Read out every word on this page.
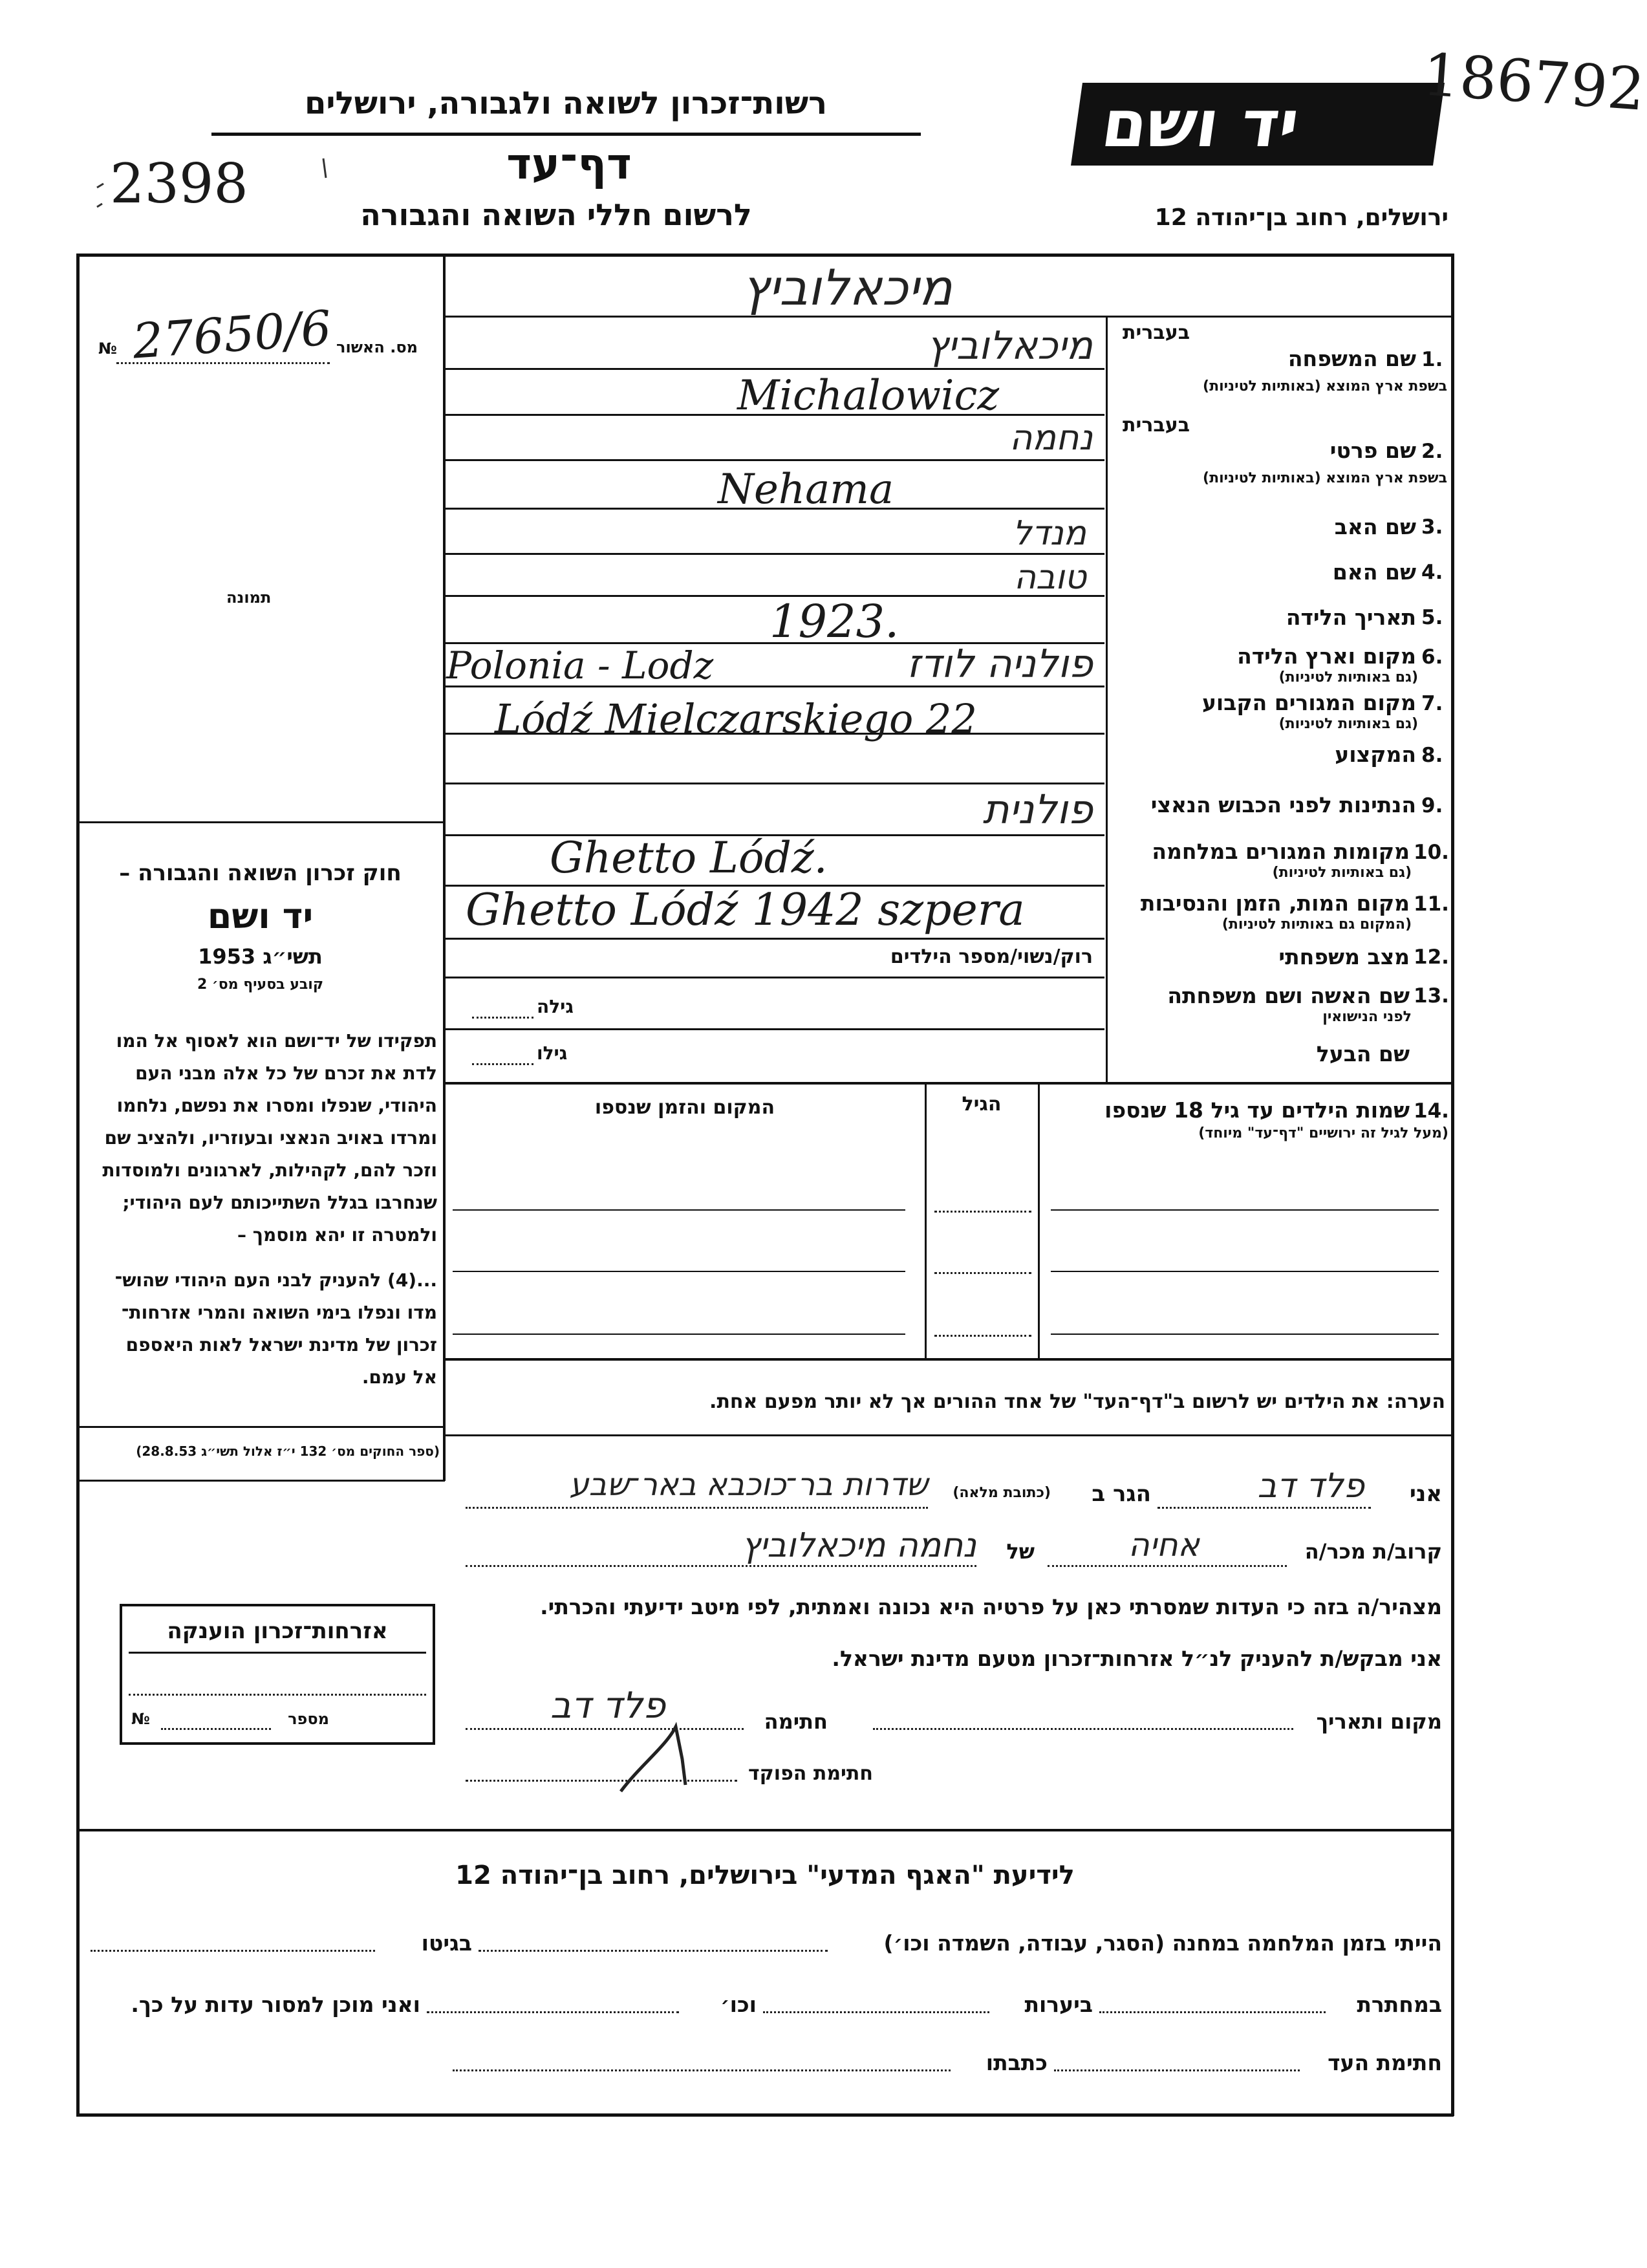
יד ושם 186792
רשות־זכרון לשואה ולגבורה, ירושלים
דף־עד
לרשום חללי השואה והגבורה	ירושלים, רחוב בן־יהודה 12
2398
מס. האשור
№ 27650/6
תמונה
חוק זכרון השואה והגבורה –
יד ושם
תשי״ג 1953
קובע בסעיף מס׳ 2
תפקידו של יד־ושם הוא לאסוף אל המו
לדת את זכרם של כל אלה מבני העם
היהודי, שנפלו ומסרו את נפשם, נלחמו
ומרדו באויב הנאצי ובעוזריו, ולהציב שם
וזכר להם, לקהילות, לארגונים ולמוסדות
שנחרבו בגלל השתייכותם לעם היהודי;
ולמטרה זו יהא מוסמך –
...(4) להעניק לבני העם היהודי שהוש־
מדו ונפלו בימי השואה והמרי אזרחות־
זכרון של מדינת ישראל לאות היאספם
אל עמם.
(ספר החוקים מס׳ 132 י״ז אלול תשי״ג 28.8.53)
מיכאלוביץ
בעברית
1.
שם המשפחה
בשפת ארץ המוצא (באותיות לטיניות)
מיכאלוביץ
Michalowicz
בעברית
2.
שם פרטי
בשפת ארץ המוצא (באותיות לטיניות)
נחמה
Nehama
3.
שם האב
מנדל
4.
שם האם
טובה
5.
תאריך הלידה
1923.
6.
מקום וארץ הלידה
(גם באותיות לטיניות)
Polonia - Lodz	פולניה לודז
7.
מקום המגורים הקבוע
(גם באותיות לטיניות)
Lódź Mielczarskiego 22
8.
המקצוע
9.
הנתינות לפני הכבוש הנאצי
פולנית
10.
מקומות המגורים במלחמה
(גם באותיות לטיניות)
Ghetto Lódź.
11.
מקום המות, הזמן והנסיבות
(המקום גם באותיות לטיניות)
Ghetto Lódź 1942 szpera
12.
מצב משפחתי
רוק/נשוי/מספר הילדים
13.
שם האשה ושם משפחתה
לפני הנישואין
גילה
שם הבעל
גילו
14.
שמות הילדים עד גיל 18 שנספו
(מעל לגיל זה ירושיים "דף־עד" מיוחד)
הגיל
המקום והזמן שנספו
הערה: את הילדים יש לרשום ב"דף־העד" של אחד ההורים אך לא יותר מפעם אחת.
אני
פלד דב
הגר ב
(כתובת מלאה)
שדרות בר־כוכבא באר־שבע
קרוב/ת מכר/ה
אחיה
של
נחמה מיכאלוביץ
מצהיר/ה בזה כי העדות שמסרתי כאן על פרטיה היא נכונה ואמתית, לפי מיטב ידיעתי והכרתי.
אני מבקש/ת להעניק לנ״ל אזרחות־זכרון מטעם מדינת ישראל.
מקום ותאריך
חתימה
פלד דב
חתימת הפוקד
אזרחות־זכרון הוענקה
מספר
№
לידיעת "האגף המדעי" בירושלים, רחוב בן־יהודה 12
הייתי בזמן המלחמה במחנה (הסגר, עבודה, השמדה וכו׳)
בגיטו
במחתרת
ביערות
וכו׳
ואני מוכן למסור עדות על כך.
חתימת העד
כתבתו
